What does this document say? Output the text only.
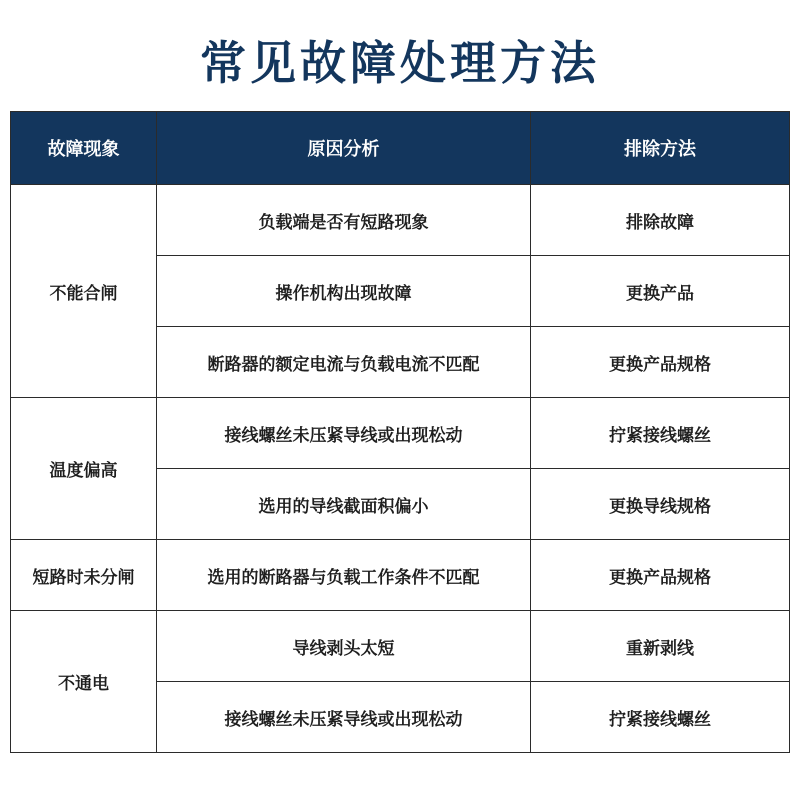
常见故障处理方法
故障现象	原因分析	排除方法
不能合闸	负载端是否有短路现象	排除故障
	操作机构出现故障	更换产品
	断路器的额定电流与负载电流不匹配	更换产品规格
温度偏高	接线螺丝未压紧导线或出现松动	拧紧接线螺丝
	选用的导线截面积偏小	更换导线规格
短路时未分闸	选用的断路器与负载工作条件不匹配	更换产品规格
不通电	导线剥头太短	重新剥线
	接线螺丝未压紧导线或出现松动	拧紧接线螺丝
